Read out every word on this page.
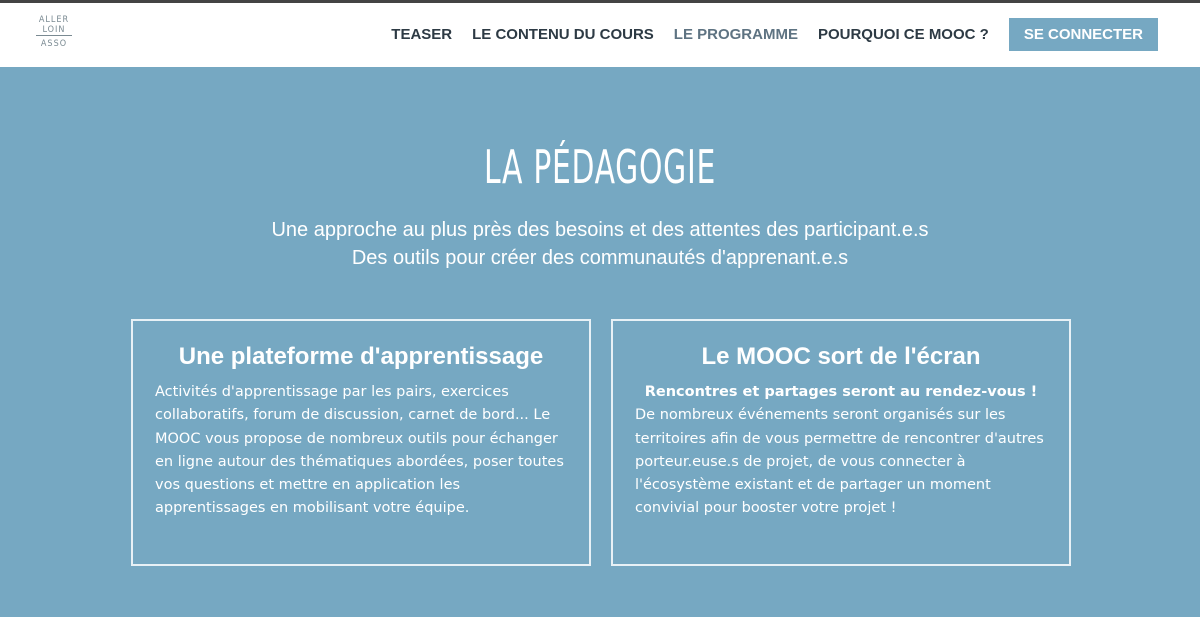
ALLER
LOIN
ASSO
TEASER LE CONTENU DU COURS LE PROGRAMME POURQUOI CE MOOC ?	SE CONNECTER
LA PÉDAGOGIE
Une approche au plus près des besoins et des attentes des participant.e.s
Des outils pour créer des communautés d'apprenant.e.s
Une plateforme d'apprentissage

Activités d'apprentissage par les pairs, exercices collaboratifs, forum de discussion, carnet de bord... Le MOOC vous propose de nombreux outils pour échanger en ligne autour des thématiques abordées, poser toutes vos questions et mettre en application les apprentissages en mobilisant votre équipe.

Le MOOC sort de l'écran

Rencontres et partages seront au rendez-vous !

De nombreux événements seront organisés sur les territoires afin de vous permettre de rencontrer d'autres porteur.euse.s de projet, de vous connecter à l'écosystème existant et de partager un moment convivial pour booster votre projet !
